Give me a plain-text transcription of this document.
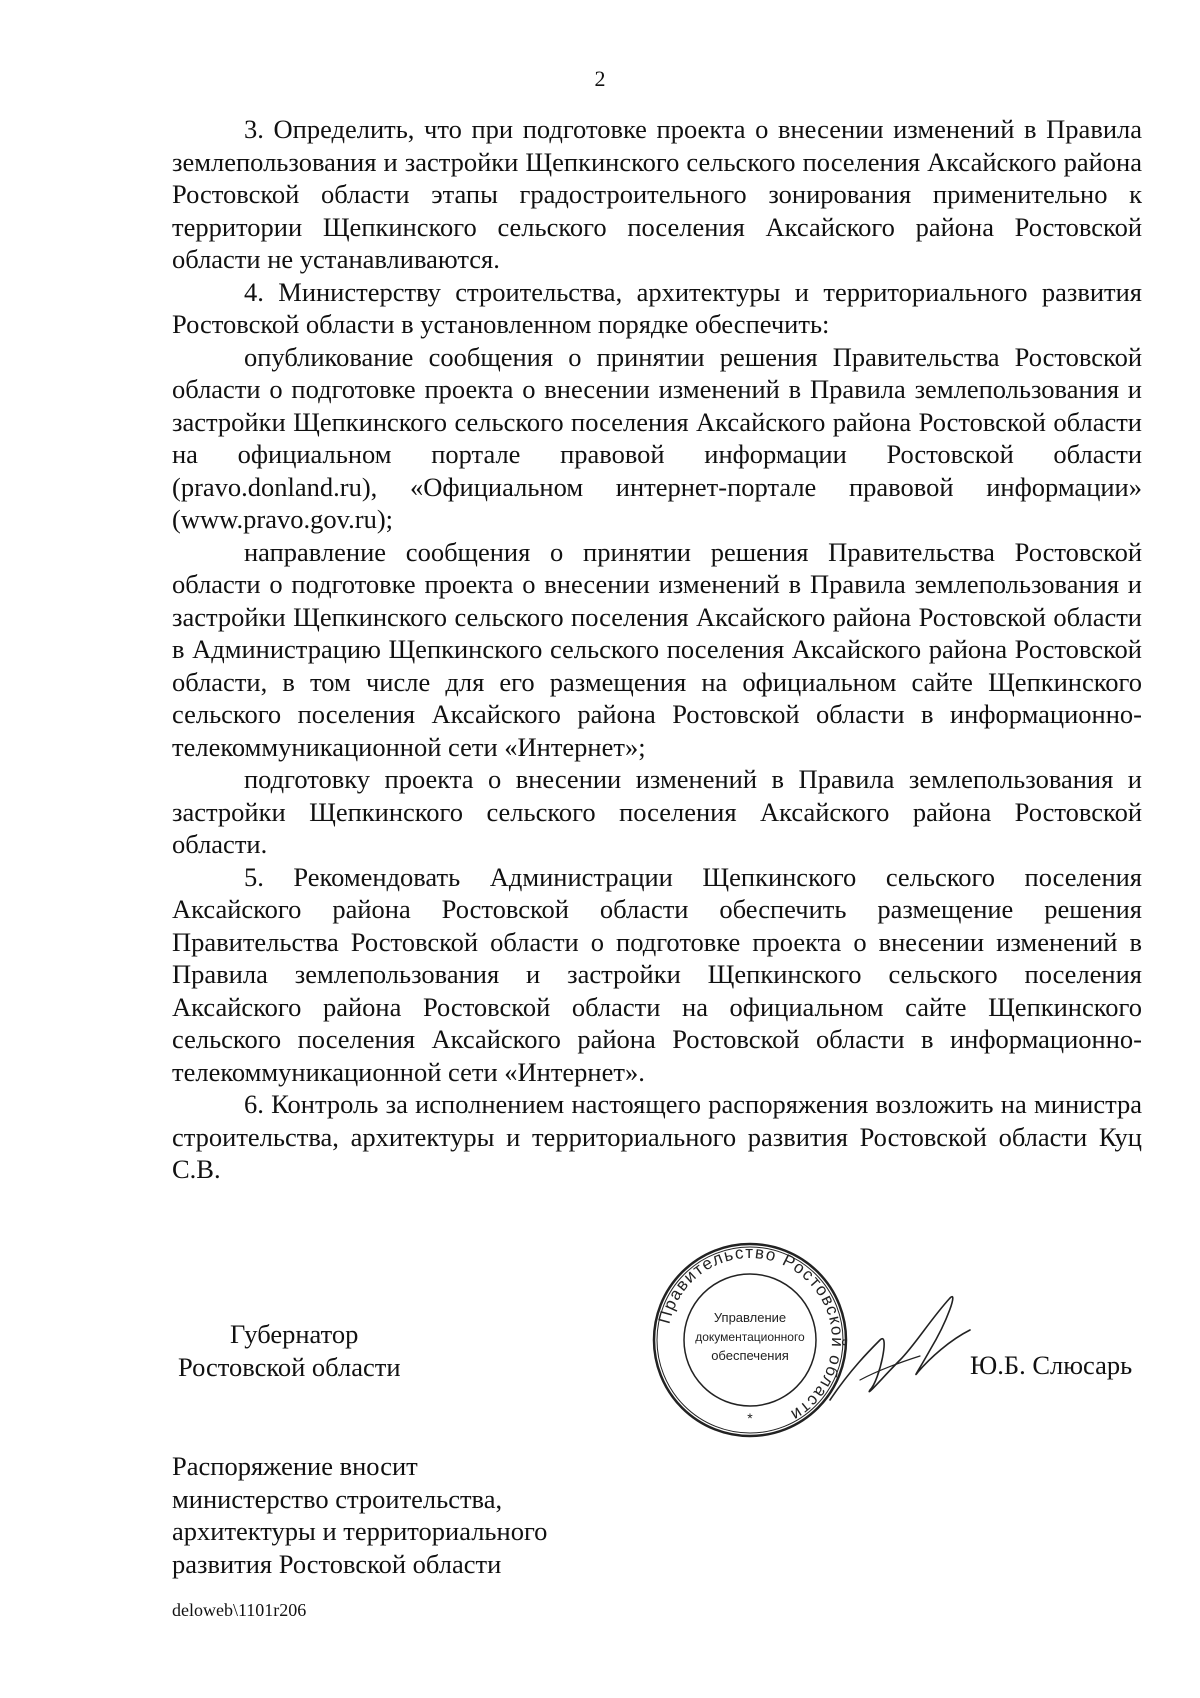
2

3. Определить, что при подготовке проекта о внесении изменений в Правила землепользования и застройки Щепкинского сельского поселения Аксайского района Ростовской области этапы градостроительного зонирования применительно к территории Щепкинского сельского поселения Аксайского района Ростовской области не устанавливаются.

4. Министерству строительства, архитектуры и территориального развития Ростовской области в установленном порядке обеспечить:

опубликование сообщения о принятии решения Правительства Ростовской области о подготовке проекта о внесении изменений в Правила землепользования и застройки Щепкинского сельского поселения Аксайского района Ростовской области на официальном портале правовой информации Ростовской области (pravo.donland.ru), «Официальном интернет-портале правовой информации» (www.pravo.gov.ru);

направление сообщения о принятии решения Правительства Ростовской области о подготовке проекта о внесении изменений в Правила землепользования и застройки Щепкинского сельского поселения Аксайского района Ростовской области в Администрацию Щепкинского сельского поселения Аксайского района Ростовской области, в том числе для его размещения на официальном сайте Щепкинского сельского поселения Аксайского района Ростовской области в информационно-телекоммуникационной сети «Интернет»;

подготовку проекта о внесении изменений в Правила землепользования и застройки Щепкинского сельского поселения Аксайского района Ростовской области.

5. Рекомендовать Администрации Щепкинского сельского поселения Аксайского района Ростовской области обеспечить размещение решения Правительства Ростовской области о подготовке проекта о внесении изменений в Правила землепользования и застройки Щепкинского сельского поселения Аксайского района Ростовской области на официальном сайте Щепкинского сельского поселения Аксайского района Ростовской области в информационно-телекоммуникационной сети «Интернет».

6. Контроль за исполнением настоящего распоряжения возложить на министра строительства, архитектуры и территориального развития Ростовской области Куц С.В.

Губернатор
Ростовской области
Правительство Ростовской области
Управление
документационного
обеспечения
*
Ю.Б. Слюсарь
Распоряжение вносит
министерство строительства,
архитектуры и территориального
развития Ростовской области
deloweb\1101r206
